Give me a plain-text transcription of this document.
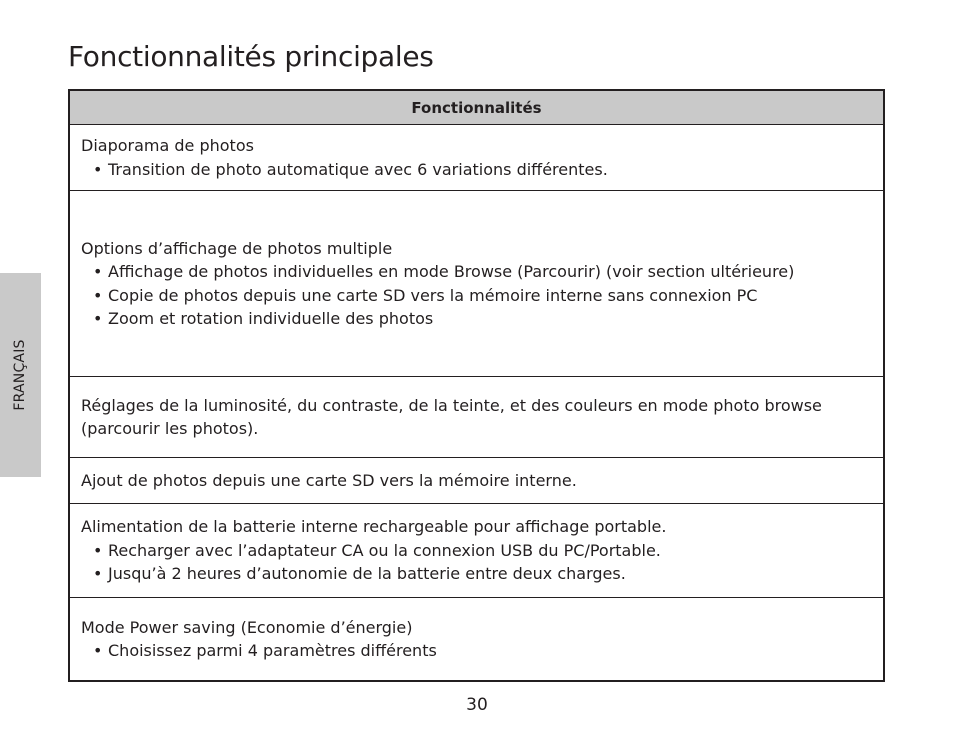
Fonctionnalités principales
FRANÇAIS
Fonctionnalités
Diaporama de photos
• Transition de photo automatique avec 6 variations différentes.
Options d’affichage de photos multiple
• Affichage de photos individuelles en mode Browse (Parcourir) (voir section ultérieure)
• Copie de photos depuis une carte SD vers la mémoire interne sans connexion PC
• Zoom et rotation individuelle des photos
Réglages de la luminosité, du contraste, de la teinte, et des couleurs en mode photo browse (parcourir les photos).
Ajout de photos depuis une carte SD vers la mémoire interne.
Alimentation de la batterie interne rechargeable pour affichage portable.
• Recharger avec l’adaptateur CA ou la connexion USB du PC/Portable.
• Jusqu’à 2 heures d’autonomie de la batterie entre deux charges.
Mode Power saving (Economie d’énergie)
• Choisissez parmi 4 paramètres différents
30
